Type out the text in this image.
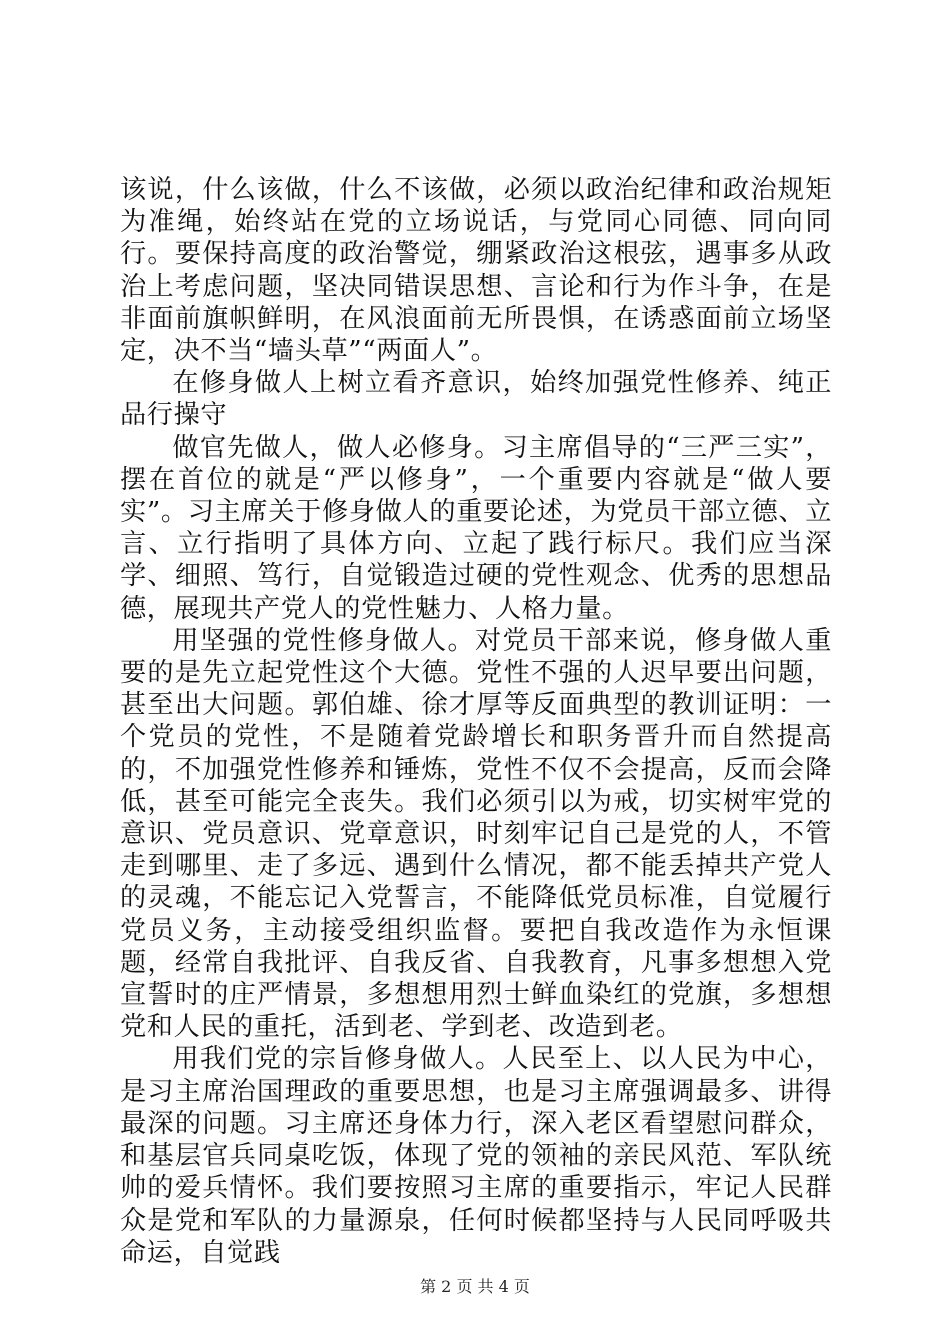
该说，什么该做，什么不该做，必须以政治纪律和政治规矩为准绳，始终站在党的立场说话，与党同心同德、同向同行。要保持高度的政治警觉，绷紧政治这根弦，遇事多从政治上考虑问题，坚决同错误思想、言论和行为作斗争，在是非面前旗帜鲜明，在风浪面前无所畏惧，在诱惑面前立场坚定，决不当“墙头草”“两面人”。

在修身做人上树立看齐意识，始终加强党性修养、纯正品行操守

做官先做人，做人必修身。习主席倡导的“三严三实”，摆在首位的就是“严以修身”，一个重要内容就是“做人要实”。习主席关于修身做人的重要论述，为党员干部立德、立言、立行指明了具体方向、立起了践行标尺。我们应当深学、细照、笃行，自觉锻造过硬的党性观念、优秀的思想品德，展现共产党人的党性魅力、人格力量。

用坚强的党性修身做人。对党员干部来说，修身做人重要的是先立起党性这个大德。党性不强的人迟早要出问题，甚至出大问题。郭伯雄、徐才厚等反面典型的教训证明：一个党员的党性，不是随着党龄增长和职务晋升而自然提高的，不加强党性修养和锤炼，党性不仅不会提高，反而会降低，甚至可能完全丧失。我们必须引以为戒，切实树牢党的意识、党员意识、党章意识，时刻牢记自己是党的人，不管走到哪里、走了多远、遇到什么情况，都不能丢掉共产党人的灵魂，不能忘记入党誓言，不能降低党员标准，自觉履行党员义务，主动接受组织监督。要把自我改造作为永恒课题，经常自我批评、自我反省、自我教育，凡事多想想入党宣誓时的庄严情景，多想想用烈士鲜血染红的党旗，多想想党和人民的重托，活到老、学到老、改造到老。

用我们党的宗旨修身做人。人民至上、以人民为中心，是习主席治国理政的重要思想，也是习主席强调最多、讲得最深的问题。习主席还身体力行，深入老区看望慰问群众，和基层官兵同桌吃饭，体现了党的领袖的亲民风范、军队统帅的爱兵情怀。我们要按照习主席的重要指示，牢记人民群众是党和军队的力量源泉，任何时候都坚持与人民同呼吸共命运，自觉践

第 2 页 共 4 页
